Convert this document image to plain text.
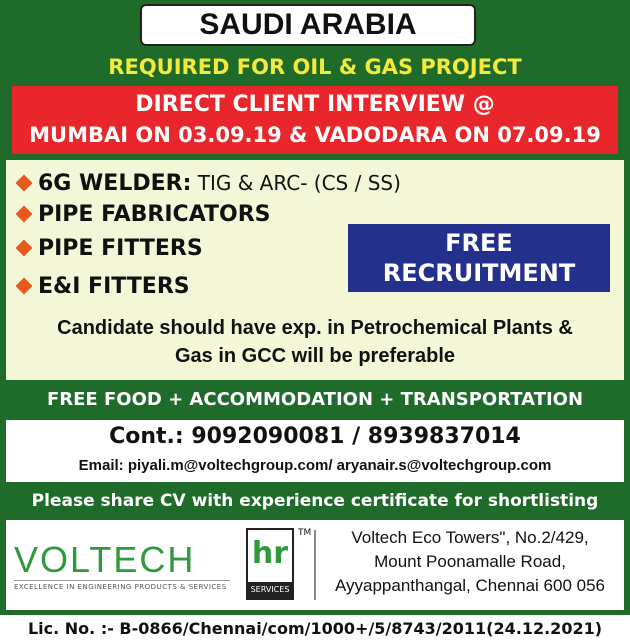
SAUDI ARABIA
REQUIRED FOR OIL & GAS PROJECT
DIRECT CLIENT INTERVIEW @
MUMBAI ON 03.09.19 & VADODARA ON 07.09.19
6G WELDER: TIG & ARC- (CS / SS)
PIPE FABRICATORS
PIPE FITTERS
E&I FITTERS
FREE
RECRUITMENT
Candidate should have exp. in Petrochemical Plants &
Gas in GCC will be preferable
FREE FOOD + ACCOMMODATION + TRANSPORTATION
Cont.: 9092090081 / 8939837014
Email: piyali.m@voltechgroup.com/ aryanair.s@voltechgroup.com
Please share CV with experience certificate for shortlisting
VOLTECH
EXCELLENCE IN ENGINEERING PRODUCTS & SERVICES
hr
SERVICES
TM	Voltech Eco Towers", No.2/429,
Mount Poonamalle Road,
Ayyappanthangal, Chennai 600 056
Lic. No. :- B-0866/Chennai/com/1000+/5/8743/2011(24.12.2021)
